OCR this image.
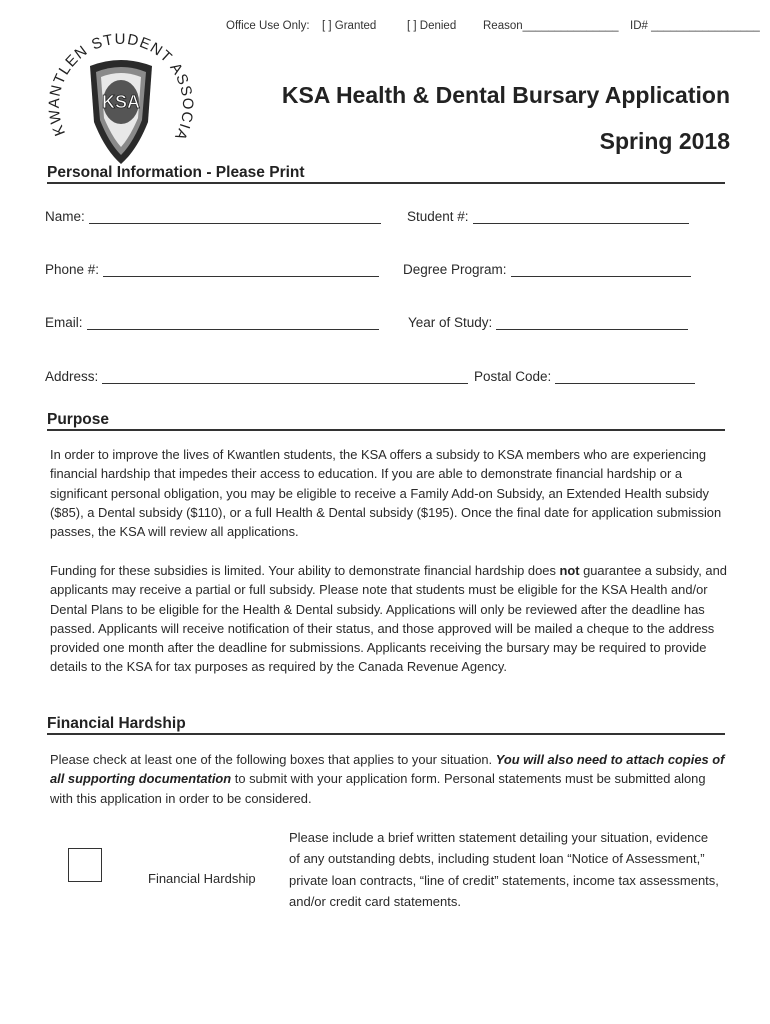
Office Use Only: [ ] Granted	[ ] Denied Reason_______________ ID# _________________
KWANTLEN STUDENT ASSOCIA
KSA	KSA Health & Dental Bursary Application
Spring 2018
Personal Information - Please Print
Name:	Student #:
Phone #:	Degree Program:
Email:	Year of Study:
Address:	Postal Code:
Purpose

In order to improve the lives of Kwantlen students, the KSA offers a subsidy to KSA members who are experiencing financial hardship that impedes their access to education. If you are able to demonstrate financial hardship or a significant personal obligation, you may be eligible to receive a Family Add-on Subsidy, an Extended Health subsidy ($85), a Dental subsidy ($110), or a full Health & Dental subsidy ($195). Once the final date for application submission passes, the KSA will review all applications.

Funding for these subsidies is limited. Your ability to demonstrate financial hardship does not guarantee a subsidy, and applicants may receive a partial or full subsidy. Please note that students must be eligible for the KSA Health and/or Dental Plans to be eligible for the Health & Dental subsidy. Applications will only be reviewed after the deadline has passed. Applicants will receive notification of their status, and those approved will be mailed a cheque to the address provided one month after the deadline for submissions. Applicants receiving the bursary may be required to provide details to the KSA for tax purposes as required by the Canada Revenue Agency.

Financial Hardship

Please check at least one of the following boxes that applies to your situation. You will also need to attach copies of all supporting documentation to submit with your application form. Personal statements must be submitted along with this application in order to be considered.

Financial Hardship

Please include a brief written statement detailing your situation, evidence of any outstanding debts, including student loan “Notice of Assessment,” private loan contracts, “line of credit” statements, income tax assessments, and/or credit card statements.
